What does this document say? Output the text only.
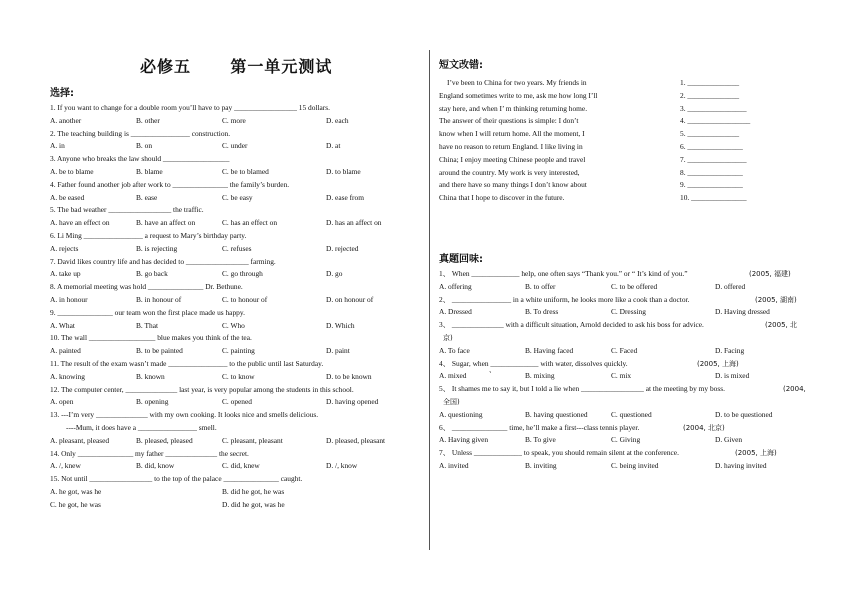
必修五      第一单元测试
选择:
1. If you want to change for a double room you’ll have to pay _________________ 15 dollars.
A. another	B. other	C. more	D. each
2. The teaching building is ________________ construction.
A. in	B. on	C. under	D. at
3. Anyone who breaks the law should __________________
A. be to blame	B. blame	C. be to blamed	D. to blame
4. Father found another job after work to _______________ the family’s burden.
A. be eased	B. ease	C. be easy	D. ease from
5. The bad weather _________________ the traffic.
A. have an effect on	B. have an affect on	C. has an effect on	D. has an affect on
6. Li Ming ________________ a request to Mary’s birthday party.
A. rejects	B. is rejecting	C. refuses	D. rejected
7. David likes country life and has decided to _________________ farming.
A. take up	B. go back	C. go through	D. go
8. A memorial meeting was hold _______________ Dr. Bethune.
A. in honour	B. in honour of	C. to honour of	D. on honour of
9. _______________ our team won the first place made us happy.
A. What	B. That	C. Who	D. Which
10. The wall __________________ blue makes you think of the tea.
A. painted	B. to be painted	C. painting	D. paint
11. The result of the exam wasn’t made ________________ to the public until last Saturday.
A. knowing	B. known	C. to know	D. to be known
12. The computer center, ______________ last year, is very popular among the students in this school.
A. open	B. opening	C. opened	D. having opened
13. ---I’m very ______________ with my own cooking. It looks nice and smells delicious.
----Mum, it does have a ________________ smell.
A. pleasant, pleased	B. pleased, pleased	C. pleasant, pleasant	D. pleased, pleasant
14. Only _______________ my father ______________ the secret.
A. /, knew	B. did, know	C. did, knew	D. /, know
15. Not until _________________ to the top of the palace _______________ caught.
A. he got, was he	B. did he got, he was
C. he got, he was	D. did he got, was he
短文改错:
I’ve been to China for two years. My friends in
England sometimes write to me, ask me how long I’ll
stay here, and when I’ m thinking returning home.
The answer of their questions is simple: I don’t
know when I will return home. All the moment, I
have no reason to return England. I like living in
China; I enjoy meeting Chinese people and travel
around the country. My work is very interested,
and there have so many things I don’t know about
China that I hope to discover in the future.
1. ______________
2. ______________
3. ________________
4. _________________
5. ______________
6. _______________
7. ________________
8. _______________
9. _______________
10. _______________
真题回味:
1、 When _____________ help, one often says “Thank you.” or “ It’s kind of you.”	(2005, 福建)
A. offering	B. to offer	C. to be offered	D. offered
2、 ________________ in a white uniform, he looks more like a cook than a doctor.	(2005, 湖南)
A. Dressed	B. To dress	C. Dressing	D. Having dressed
3、 ______________ with a difficult situation, Arnold decided to ask his boss for advice.	(2005, 北
京)
A. To face	B. Having faced	C. Faced	D. Facing
4、 Sugar, when _____________ with water, dissolves quickly.	(2005, 上海)
、
A. mixed	B. mixing	C. mix	D. is mixed
5、 It shames me to say it, but I told a lie when _________________ at the meeting by my boss.	(2004,
全国)
A. questioning	B. having questioned	C. questioned	D. to be questioned
6、 _______________ time, he’ll make a first---class tennis player.	(2004, 北京)
A. Having given	B. To give	C. Giving	D. Given
7、 Unless _____________ to speak, you should remain silent at the conference.	(2005, 上海)
A. invited	B. inviting	C. being invited	D. having invited
